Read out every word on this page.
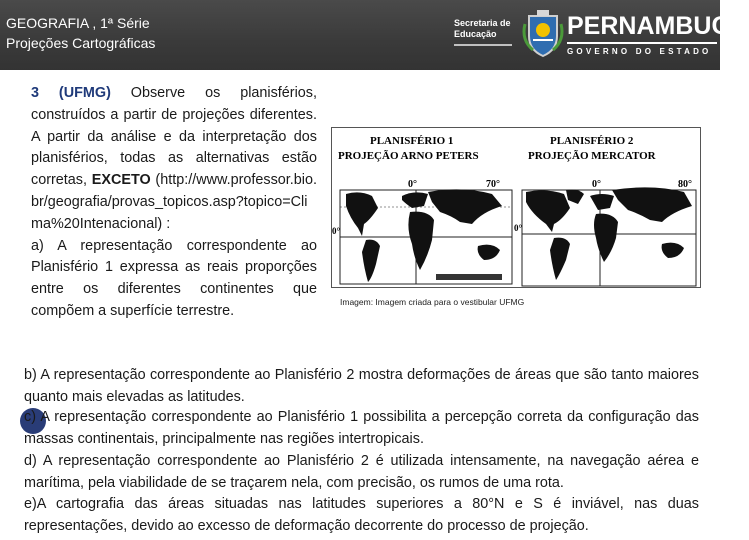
GEOGRAFIA , 1ª Série
Projeções Cartográficas
Secretaria de
Educação	PERNAMBUCO
GOVERNO DO ESTADO
3 (UFMG) Observe os planisférios, construídos a partir de projeções diferentes. A partir da análise e da interpretação dos planisférios, todas as alternativas estão corretas, EXCETO (http://www.professor.bio.br/geografia/provas_topicos.asp?topico=Clima%20Intenacional) :
a) A representação correspondente ao Planisfério 1 expressa as reais proporções entre os diferentes continentes que compõem a superfície terrestre.
PLANISFÉRIO 1
PROJEÇÃO ARNO PETERS
PLANISFÉRIO 2
PROJEÇÃO MERCATOR
0°	70°
0°
0°	80°
0°
Imagem: Imagem criada para o vestibular UFMG
b) A representação correspondente ao Planisfério 2 mostra deformações de áreas que são tanto maiores quanto mais elevadas as latitudes.
c) A representação correspondente ao Planisfério 1 possibilita a percepção correta da configuração das massas continentais, principalmente nas regiões intertropicais.
d) A representação correspondente ao Planisfério 2 é utilizada intensamente, na navegação aérea e marítima, pela viabilidade de se traçarem nela, com precisão, os rumos de uma rota.
e)A cartografia das áreas situadas nas latitudes superiores a 80°N e S é inviável, nas duas representações, devido ao excesso de deformação decorrente do processo de projeção.
